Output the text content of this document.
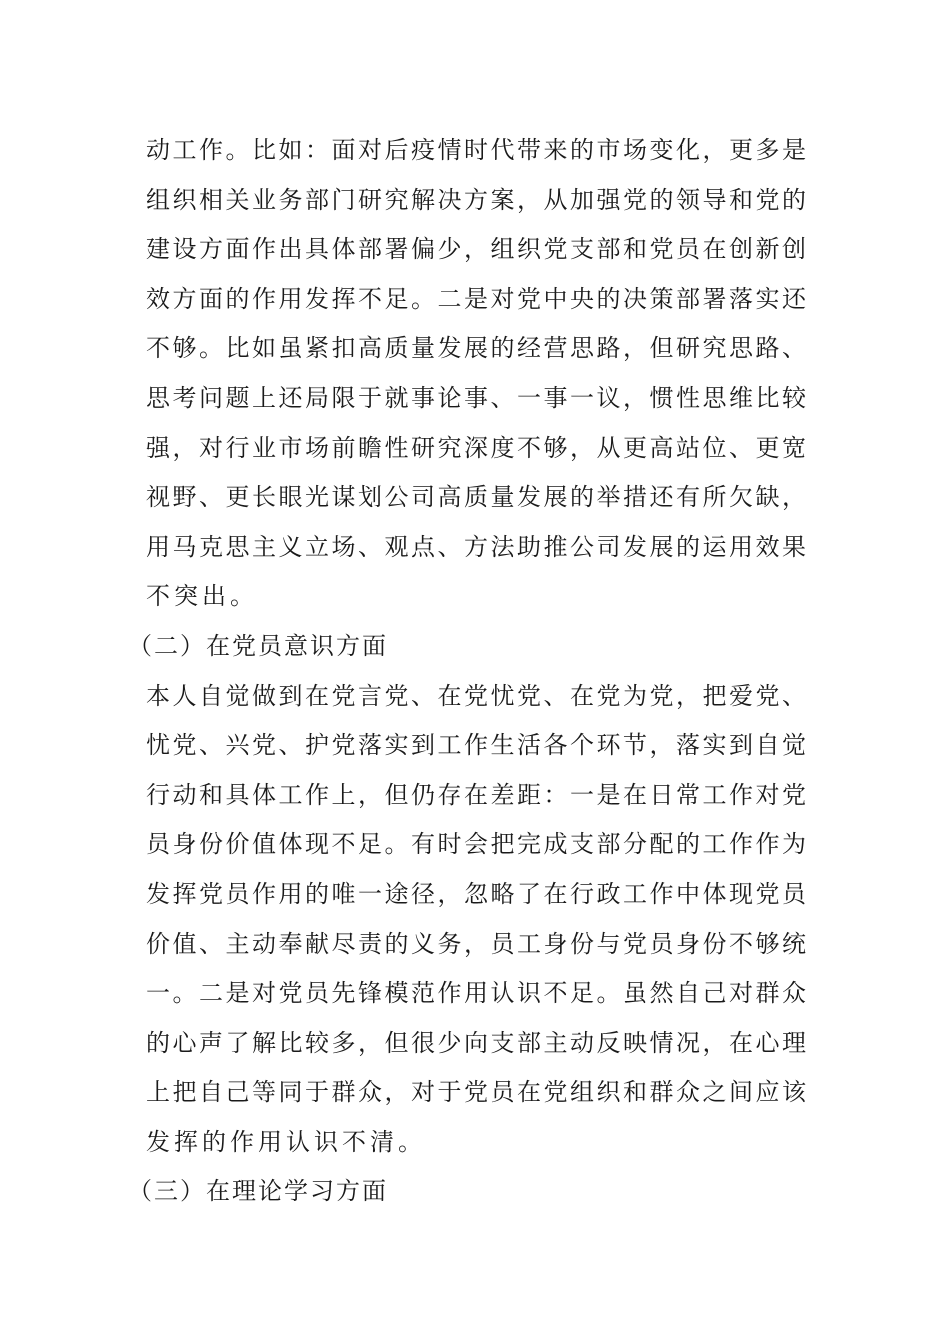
动工作。比如：面对后疫情时代带来的市场变化，更多是
组织相关业务部门研究解决方案，从加强党的领导和党的
建设方面作出具体部署偏少，组织党支部和党员在创新创
效方面的作用发挥不足。二是对党中央的决策部署落实还
不够。比如虽紧扣高质量发展的经营思路，但研究思路、
思考问题上还局限于就事论事、一事一议，惯性思维比较
强，对行业市场前瞻性研究深度不够，从更高站位、更宽
视野、更长眼光谋划公司高质量发展的举措还有所欠缺，
用马克思主义立场、观点、方法助推公司发展的运用效果
不突出。
（二）在党员意识方面
本人自觉做到在党言党、在党忧党、在党为党，把爱党、
忧党、兴党、护党落实到工作生活各个环节，落实到自觉
行动和具体工作上，但仍存在差距：一是在日常工作对党
员身份价值体现不足。有时会把完成支部分配的工作作为
发挥党员作用的唯一途径，忽略了在行政工作中体现党员
价值、主动奉献尽责的义务，员工身份与党员身份不够统
一。二是对党员先锋模范作用认识不足。虽然自己对群众
的心声了解比较多，但很少向支部主动反映情况，在心理
上把自己等同于群众，对于党员在党组织和群众之间应该
发挥的作用认识不清。
（三）在理论学习方面
